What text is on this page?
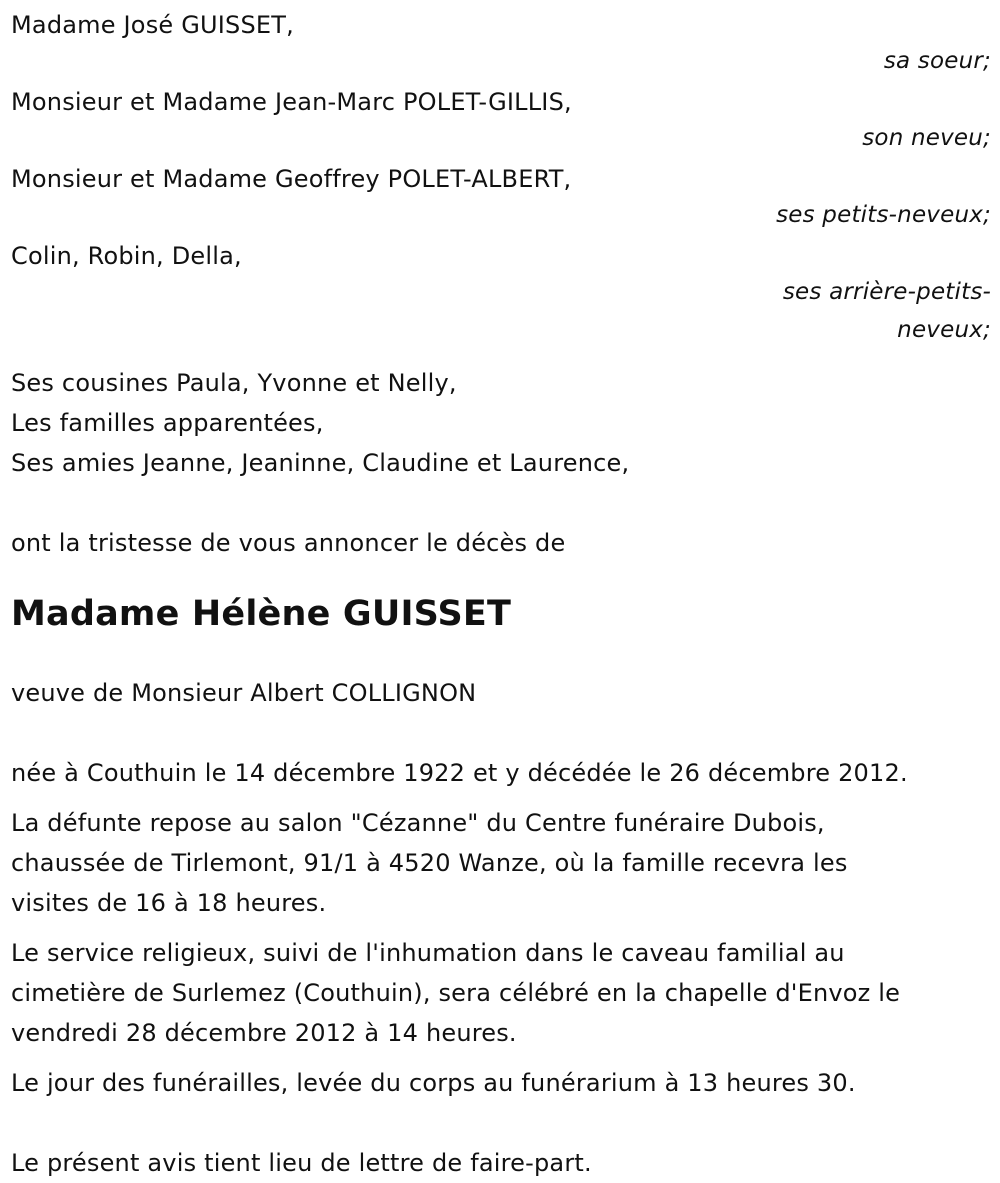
Madame José GUISSET,
sa soeur;
Monsieur et Madame Jean-Marc POLET-GILLIS,
son neveu;
Monsieur et Madame Geoffrey POLET-ALBERT,
ses petits-neveux;
Colin, Robin, Della,
ses arrière-petits-
neveux;
Ses cousines Paula, Yvonne et Nelly,
Les familles apparentées,
Ses amies Jeanne, Jeaninne, Claudine et Laurence,
ont la tristesse de vous annoncer le décès de
Madame Hélène GUISSET
veuve de Monsieur Albert COLLIGNON
née à Couthuin le 14 décembre 1922 et y décédée le 26 décembre 2012.
La défunte repose au salon "Cézanne" du Centre funéraire Dubois,
chaussée de Tirlemont, 91/1 à 4520 Wanze, où la famille recevra les
visites de 16 à 18 heures.
Le service religieux, suivi de l'inhumation dans le caveau familial au
cimetière de Surlemez (Couthuin), sera célébré en la chapelle d'Envoz le
vendredi 28 décembre 2012 à 14 heures.
Le jour des funérailles, levée du corps au funérarium à 13 heures 30.
Le présent avis tient lieu de lettre de faire-part.
